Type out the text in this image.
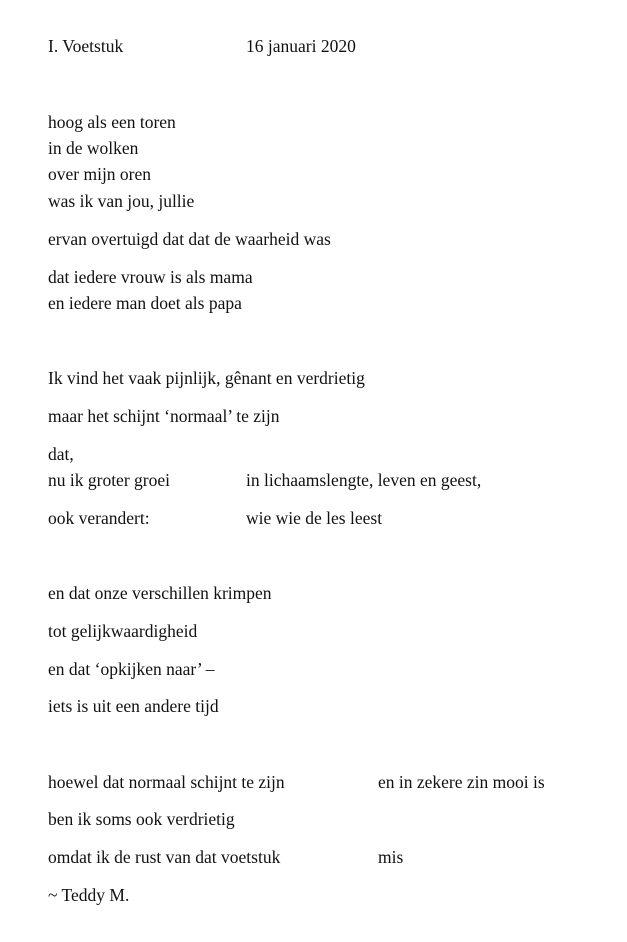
I. Voetstuk	16 januari 2020
hoog als een toren
in de wolken
over mijn oren
was ik van jou, jullie
ervan overtuigd dat dat de waarheid was
dat iedere vrouw is als mama
en iedere man doet als papa
Ik vind het vaak pijnlijk, gênant en verdrietig
maar het schijnt ‘normaal’ te zijn
dat,
nu ik groter groei	in lichaamslengte, leven en geest,
ook verandert:	wie wie de les leest
en dat onze verschillen krimpen
tot gelijkwaardigheid
en dat ‘opkijken naar’ –
iets is uit een andere tijd
hoewel dat normaal schijnt te zijn	en in zekere zin mooi is
ben ik soms ook verdrietig
omdat ik de rust van dat voetstuk	mis
~ Teddy M.
